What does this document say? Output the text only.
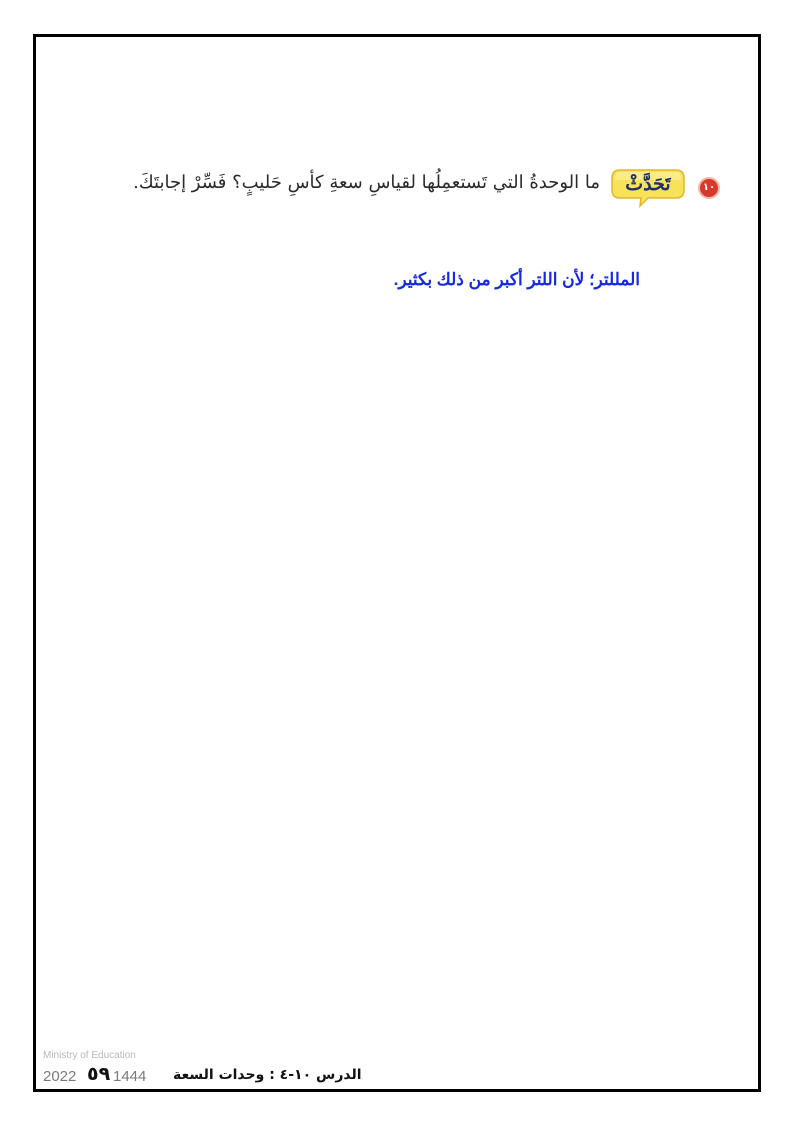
١٠
تَحَدَّثْ
ما الوحدةُ التي تَستعمِلُها لقياسِ سعةِ كأسِ حَليبٍ؟ فَسِّرْ إجابتَكَ.
المللتر؛ لأن اللتر أكبر من ذلك بكثير.
Ministry of Education
2022 ٥٩ 1444 الدرس ١٠-٤ : وحدات السعة
